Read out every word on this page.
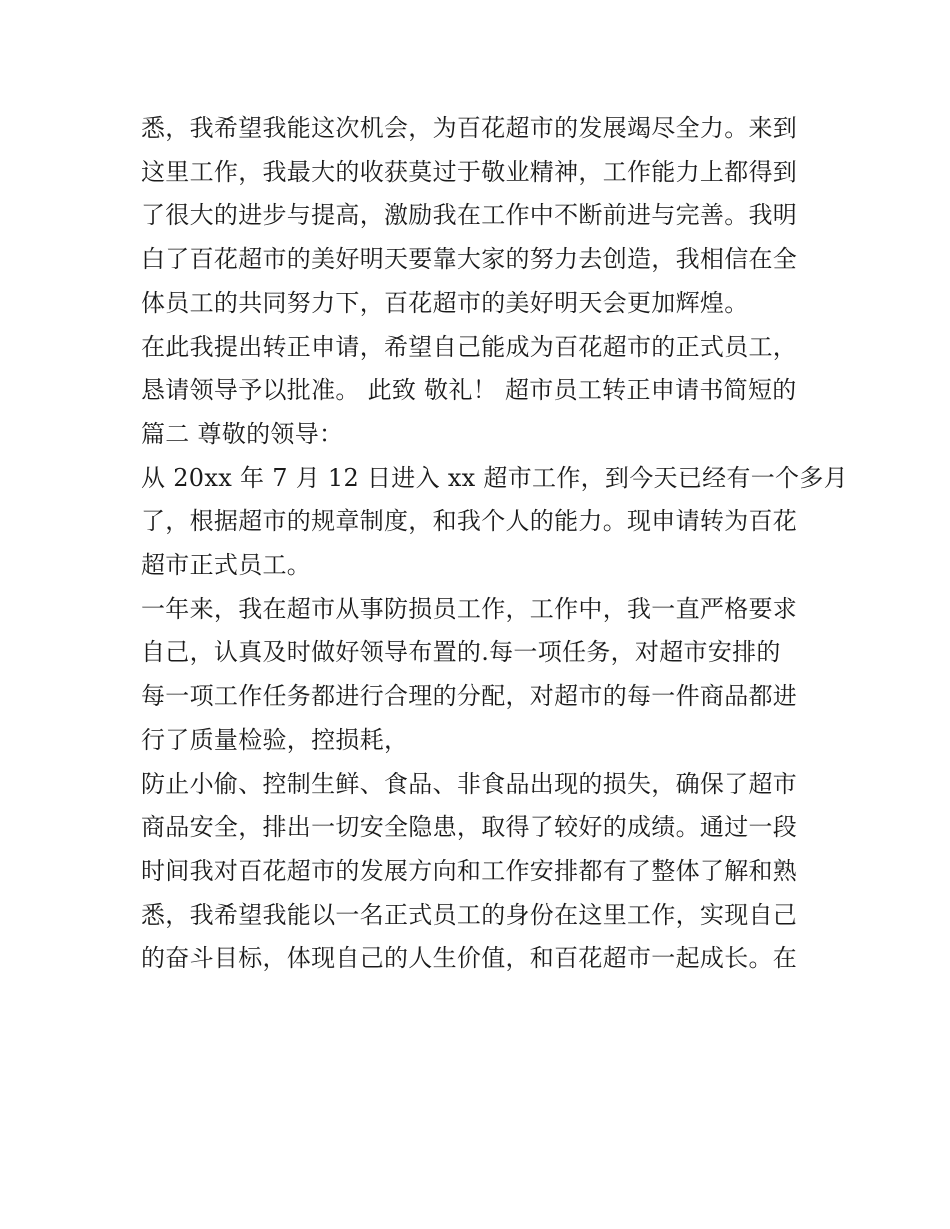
悉，我希望我能这次机会，为百花超市的发展竭尽全力。来到
这里工作，我最大的收获莫过于敬业精神，工作能力上都得到
了很大的进步与提高，激励我在工作中不断前进与完善。我明
白了百花超市的美好明天要靠大家的努力去创造，我相信在全
体员工的共同努力下，百花超市的美好明天会更加辉煌。
在此我提出转正申请，希望自己能成为百花超市的正式员工，
恳请领导予以批准。 此致 敬礼！ 超市员工转正申请书简短的
篇二 尊敬的领导：
从 20xx 年 7 月 12 日进入 xx 超市工作，到今天已经有一个多月
了，根据超市的规章制度，和我个人的能力。现申请转为百花
超市正式员工。
一年来，我在超市从事防损员工作，工作中，我一直严格要求
自己，认真及时做好领导布置的.每一项任务，对超市安排的
每一项工作任务都进行合理的分配，对超市的每一件商品都进
行了质量检验，控损耗，
防止小偷、控制生鲜、食品、非食品出现的损失，确保了超市
商品安全，排出一切安全隐患，取得了较好的成绩。通过一段
时间我对百花超市的发展方向和工作安排都有了整体了解和熟
悉，我希望我能以一名正式员工的身份在这里工作，实现自己
的奋斗目标，体现自己的人生价值，和百花超市一起成长。在
